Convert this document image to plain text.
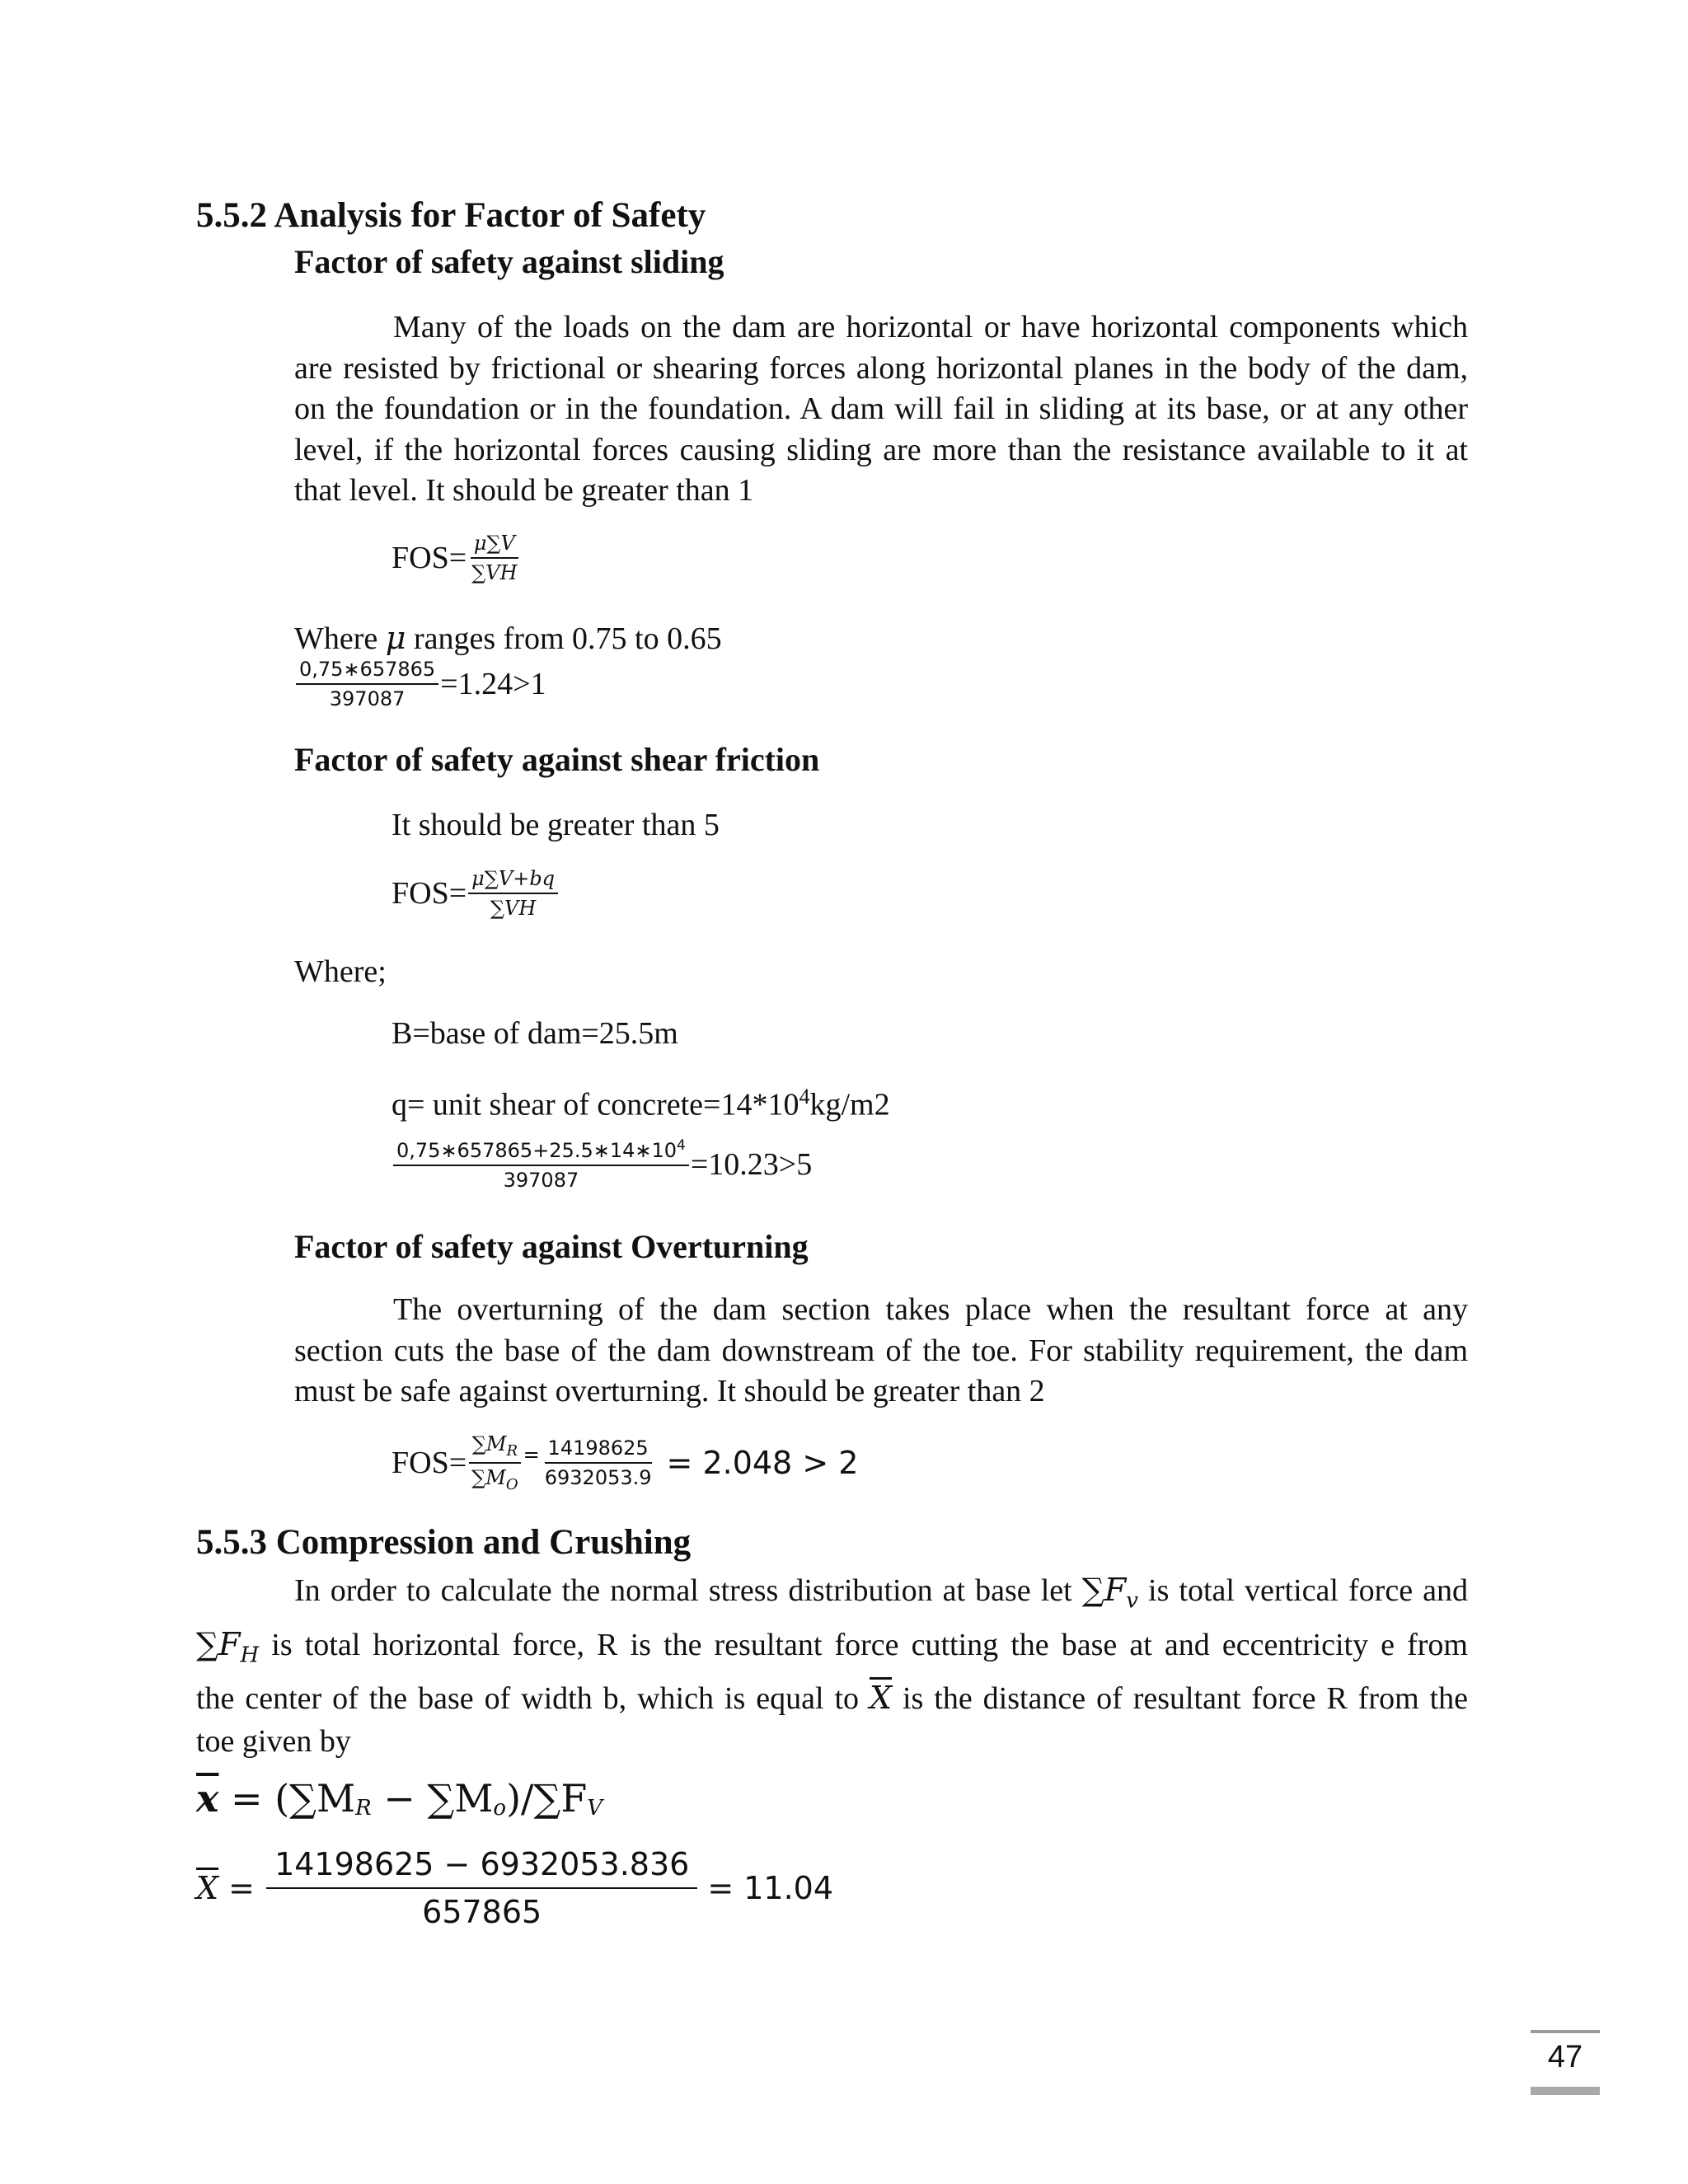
5.5.2 Analysis for Factor of Safety
Factor of safety against sliding
Many of the loads on the dam are horizontal or have horizontal components which
are resisted by frictional or shearing forces along horizontal planes in the body of the dam,
on the foundation or in the foundation. A dam will fail in sliding at its base, or at any other
level, if the horizontal forces causing sliding are more than the resistance available to it at
that level. It should be greater than 1
$FOS= \frac{\mu\sum V}{\sum VH}$
Where μ ranges from 0.75 to 0.65
$\frac{0,75∗657865}{397087} =1.24>1$
Factor of safety against shear friction
It should be greater than 5
$FOS= \frac{\mu\sum V+bq}{\sum VH}$
Where;
B=base of dam=25.5m
q= unit shear of $concrete=14*10^4kg/m2$
$\frac{0,75∗657865+25.5∗14∗10^4}{397087} =10.23>5$
Factor of safety against Overturning
The overturning of the dam section takes place when the resultant force at any
section cuts the base of the dam downstream of the toe. For stability requirement, the dam
must be safe against overturning. It should be greater than 2
$FOS= \frac{\sum M_R}{\sum M_O} = \frac{14198625}{6932053.9} = 2.048 > 2$
5.5.3 Compression and Crushing
In order to calculate the normal stress distribution at base let $\sum F_v$ is total vertical force and
$\sum F_H$ is total horizontal force, R is the resultant force cutting the base at and eccentricity e from
the center of the base of width b, which is equal to $\overline{X}$ is the distance of resultant force R from the
toe given by
$\overline{x} = (\sum M_R - \sum M_o)/\sum F_V$
$\overline{X} = \frac{14198625 - 6932053.836}{657865} = 11.04$
47
